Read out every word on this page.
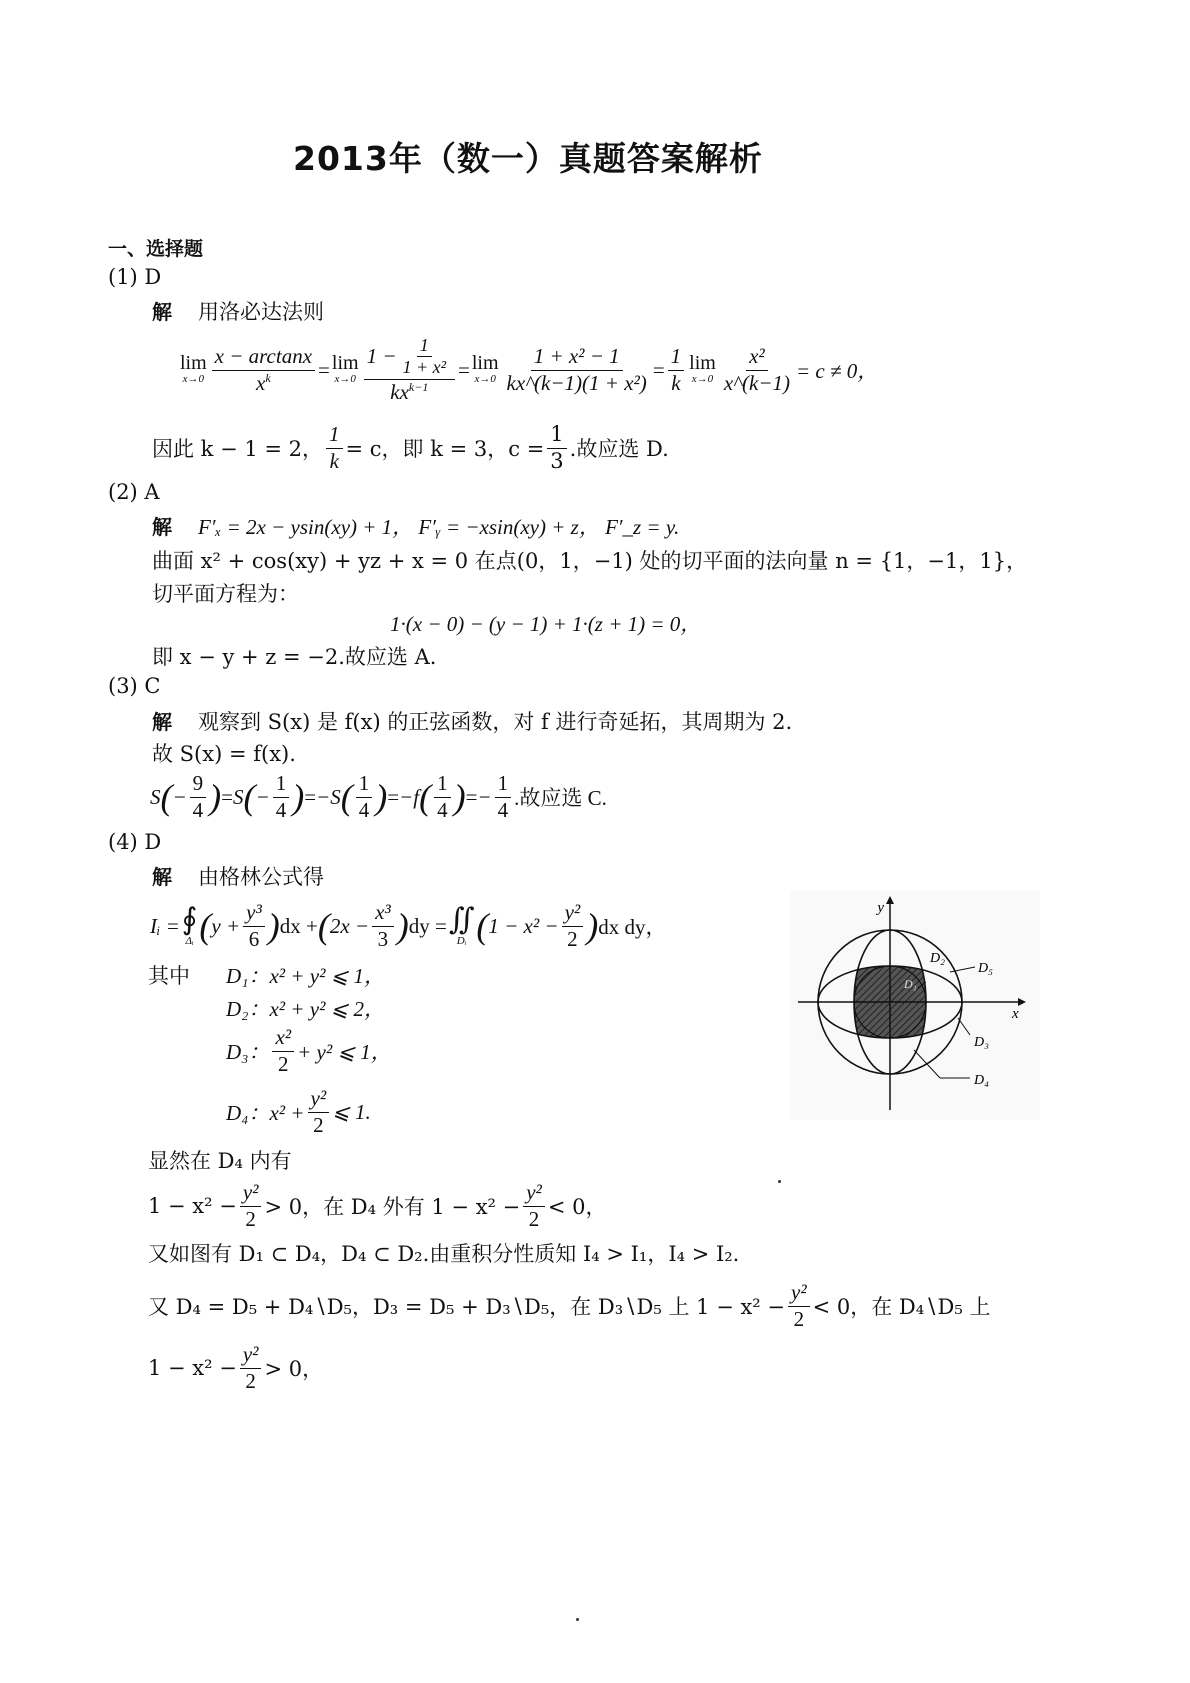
2013年（数一）真题答案解析
一、选择题
(1) D
解 用洛必达法则
lim
$x\to 0 \frac{x - \arctan x}{x^k} = \lim$
$x\to 0 \frac{1 - \frac{1}{\text{1 + x²}}}{kx^{k-1}} = \lim$
$x\to 0 \frac{\text{1 + x² − 1}}{\text{kx\textasciicircum{}(k−1)(1 + x²)}} = \frac{1}{k}$ lim
$x\to 0 \frac{\text{x²}}{x\^{}(k-1)} = c \ne 0$，
因此 k − 1 = 2， $\frac{1}{k} = c$，即 k = 3，$c = \frac{1}{3}$ .故应选 D.
(2) A
解 F′ₓ = 2x − ysin(xy) + 1， F′ᵧ = −xsin(xy) + z， F′_z = y.
曲面 x² + cos(xy) + yz + x = 0 在点(0，1，−1) 处的切平面的法向量 n = {1，−1，1}，
切平面方程为：
1·(x − 0) − (y − 1) + 1·(z + 1) = 0，
即 x − y + z = −2.故应选 A.
(3) C
解 观察到 S(x) 是 f(x) 的正弦函数，对 f 进行奇延拓，其周期为 2.
故 S(x) = f(x).
S ( − $\frac{9}{4}$ ) = S ( − $\frac{1}{4}$ ) = − S ( $\frac{1}{4}$ ) = − f ( $\frac{1}{4}$ ) = − $\frac{1}{4}$ .故应选 C.
(4) D
解 由格林公式得
Iᵢ = ∮
Δᵢ ( $y + \frac{\text{y³}}{6}$ ) dx + ( $2x - \frac{\text{x³}}{3}$ ) dy = ∬
Dᵢ ( $1 - x^2 - \frac{\text{y²}}{2}$ ) dx dy，
其中 D₁：x² + y² ⩽ 1，
D₂：x² + y² ⩽ 2，
D₃： $\frac{\text{x²}}{2} + y^2$ ⩽ 1，
D₄：$x^2 + \frac{\text{y²}}{2}$ ⩽ 1.
显然在 D₄ 内有
$1 - x^2 - \frac{\text{y²}}{2} > 0$，在 D₄ 外有 $1 - x^2 - \frac{\text{y²}}{2} < 0$，
又如图有 D₁ ⊂ D₄，D₄ ⊂ D₂.由重积分性质知 I₄ > I₁，I₄ > I₂.
又 D₄ = D₅ + D₄∖D₅，D₃ = D₅ + D₃∖D₅，在 D₃∖D₅ 上 $1 - x^2 - \frac{\text{y²}}{2} < 0$，在 D₄∖D₅ 上
$1 - x^2 - \frac{\text{y²}}{2} > 0$，
y
x
D₂
D₅
D₃
D₄
D₁
